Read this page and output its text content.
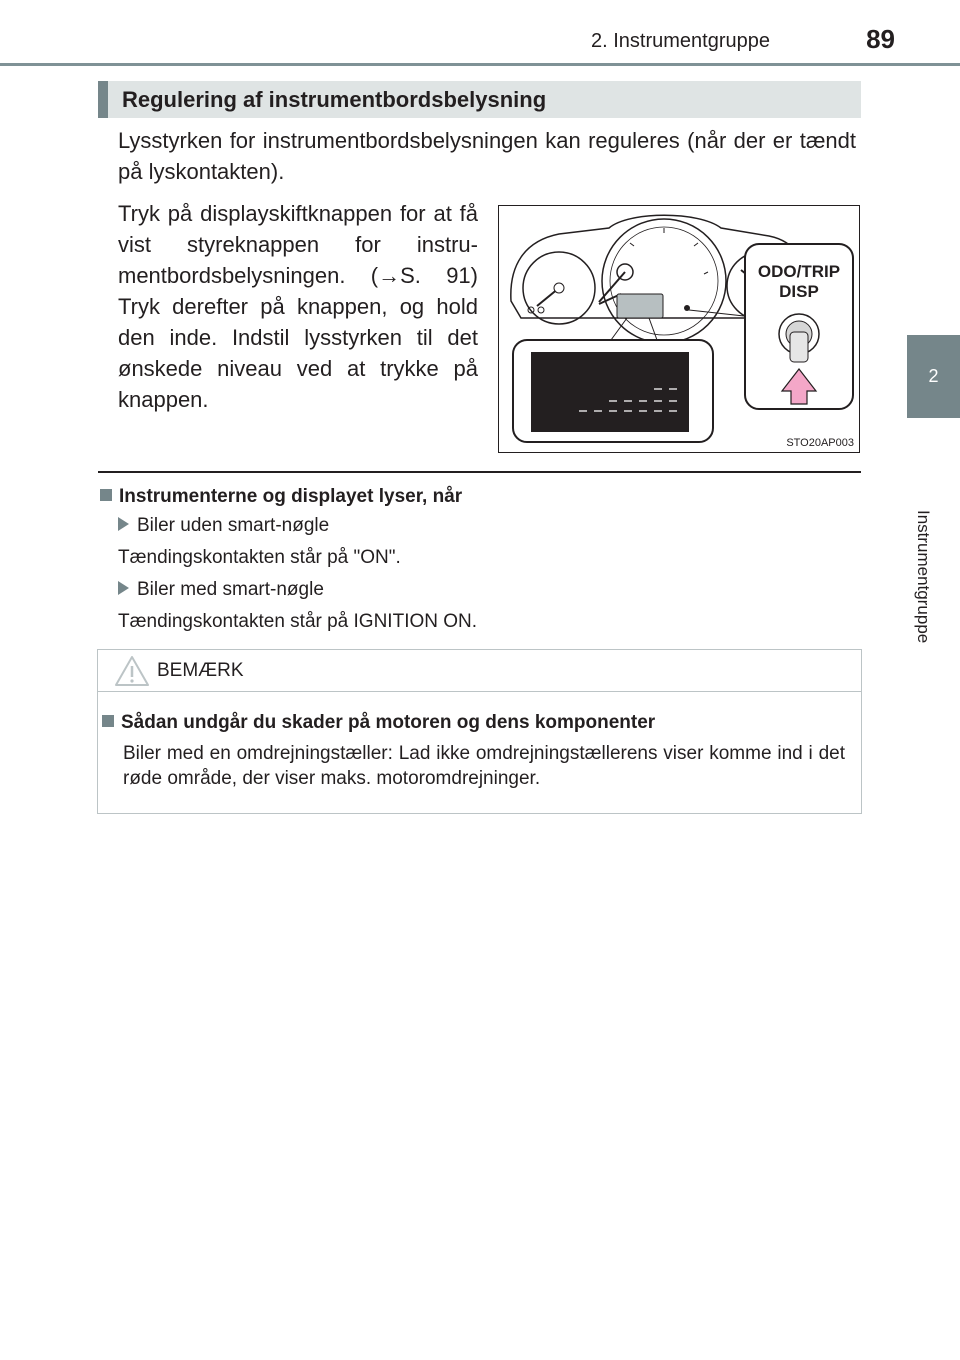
2. Instrumentgruppe	89
2
Instrumentgruppe
Regulering af instrumentbordsbelysning
Lysstyrken for instrumentbordsbelysningen kan reguleres (når der er tændt på lyskontakten).
Tryk på displayskiftknappen for at få vist styreknappen for instru-mentbordsbelysningen. (→S. 91) Tryk derefter på knappen, og hold den inde. Indstil lysstyrken til det ønskede niveau ved at trykke på knappen.
ODO/TRIP
DISP
STO20AP003
Instrumenterne og displayet lyser, når
Biler uden smart-nøgle
Tændingskontakten står på "ON".
Biler med smart-nøgle
Tændingskontakten står på IGNITION ON.
BEMÆRK
Sådan undgår du skader på motoren og dens komponenter
Biler med en omdrejningstæller: Lad ikke omdrejningstællerens viser komme ind i det røde område, der viser maks. motoromdrejninger.
